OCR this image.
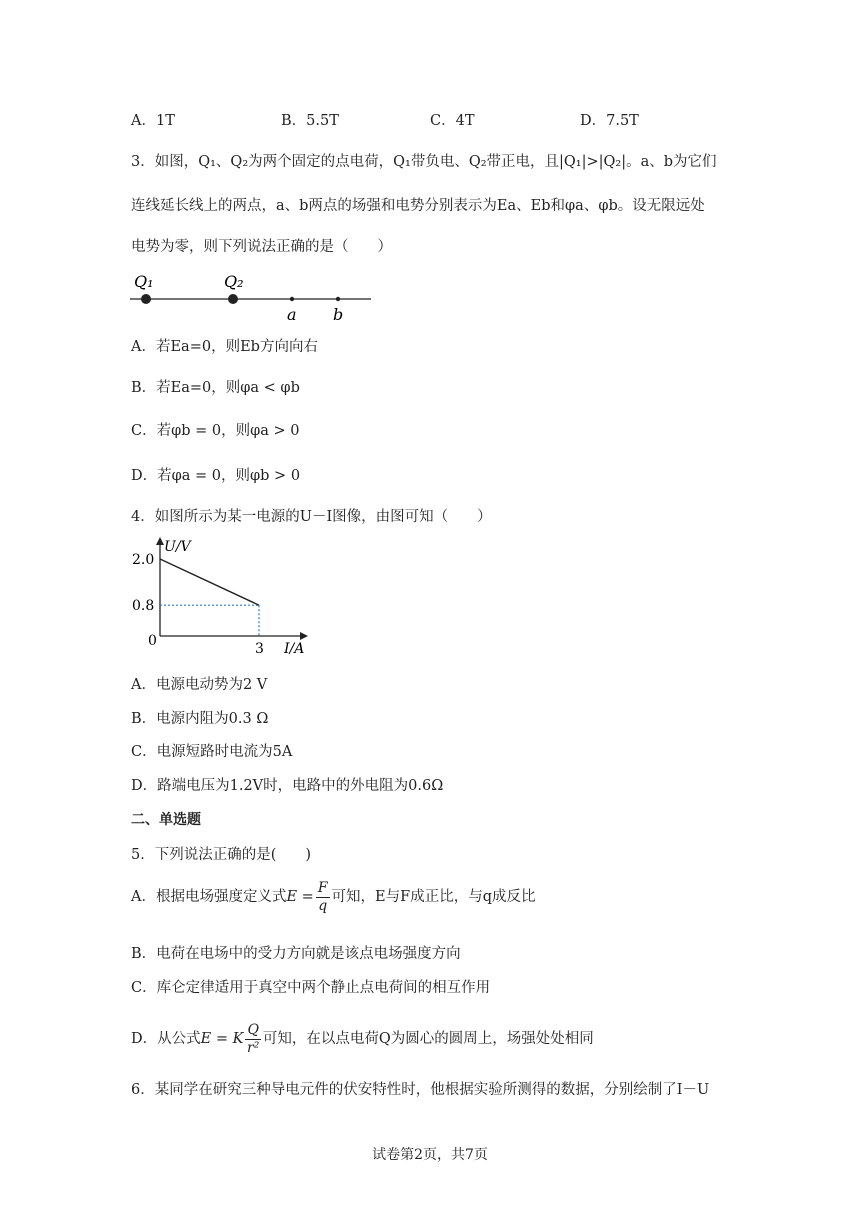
A．1T	B．5.5T	C．4T	D．7.5T
3．如图，Q₁、Q₂为两个固定的点电荷，Q₁带负电、Q₂带正电，且|Q₁|>|Q₂|。a、b为它们
连线延长线上的两点，a、b两点的场强和电势分别表示为Ea、Eb和φa、φb。设无限远处
电势为零，则下列说法正确的是（　　）
Q₁	Q₂
a b
A．若Ea=0，则Eb方向向右
B．若Ea=0，则φa < φb
C．若φb = 0，则φa > 0
D．若φa = 0，则φb > 0
4．如图所示为某一电源的U－I图像，由图可知（　　）
U/V
I/A
0
2.0
0.8
3
A．电源电动势为2 V
B．电源内阻为0.3 Ω
C．电源短路时电流为5A
D．路端电压为1.2V时，电路中的外电阻为0.6Ω
二、单选题
5．下列说法正确的是(　　)
A．根据电场强度定义式$E = \frac{F}{q}$ 可知，E与F成正比，与q成反比
B．电荷在电场中的受力方向就是该点电场强度方向
C．库仑定律适用于真空中两个静止点电荷间的相互作用
D．从公式E = K $\frac{Q}{\text{r²}}$ 可知，在以点电荷Q为圆心的圆周上，场强处处相同
6．某同学在研究三种导电元件的伏安特性时，他根据实验所测得的数据，分别绘制了I－U
试卷第2页，共7页
